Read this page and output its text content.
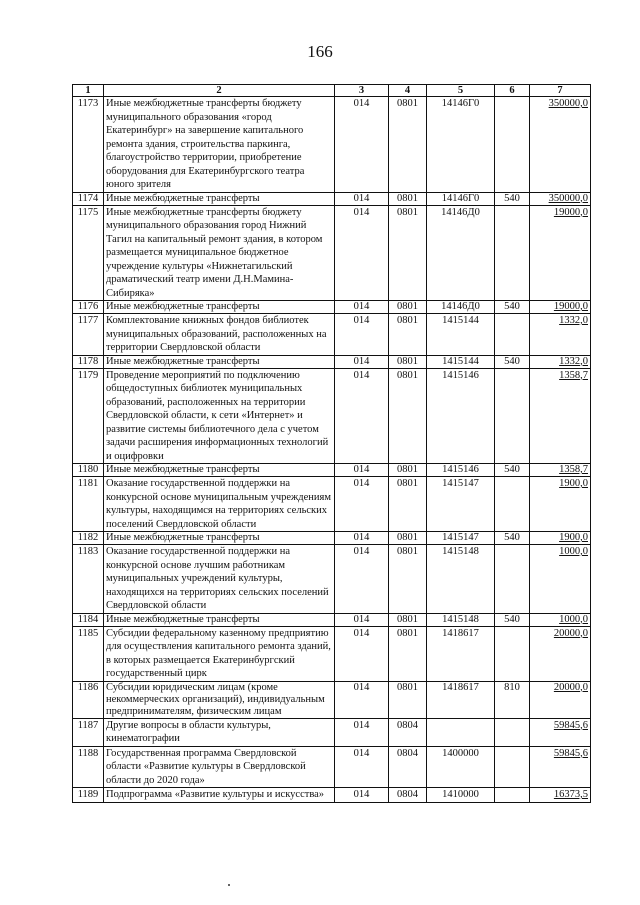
166
1	2	3	4	5	6	7
1173	Иные межбюджетные трансферты бюджету муниципального образования «город Екатеринбург» на завершение капитального ремонта здания, строительства паркинга, благоустройство территории, приобретение оборудования для Екатеринбургского театра юного зрителя	014	0801	14146Г0		350000,0
1174	Иные межбюджетные трансферты	014	0801	14146Г0	540	350000,0
1175	Иные межбюджетные трансферты бюджету муниципального образования город Нижний Тагил на капитальный ремонт здания, в котором размещается муниципальное бюджетное учреждение культуры «Нижнетагильский драматический театр имени Д.Н.Мамина-Сибиряка»	014	0801	14146Д0		19000,0
1176	Иные межбюджетные трансферты	014	0801	14146Д0	540	19000,0
1177	Комплектование книжных фондов библиотек муниципальных образований, расположенных на территории Свердловской области	014	0801	1415144		1332,0
1178	Иные межбюджетные трансферты	014	0801	1415144	540	1332,0
1179	Проведение мероприятий по подключению общедоступных библиотек муниципальных образований, расположенных на территории Свердловской области, к сети «Интернет» и развитие системы библиотечного дела с учетом задачи расширения информационных технологий и оцифровки	014	0801	1415146		1358,7
1180	Иные межбюджетные трансферты	014	0801	1415146	540	1358,7
1181	Оказание государственной поддержки на конкурсной основе муниципальным учреждениям культуры, находящимся на территориях сельских поселений Свердловской области	014	0801	1415147		1900,0
1182	Иные межбюджетные трансферты	014	0801	1415147	540	1900,0
1183	Оказание государственной поддержки на конкурсной основе лучшим работникам муниципальных учреждений культуры, находящихся на территориях сельских поселений Свердловской области	014	0801	1415148		1000,0
1184	Иные межбюджетные трансферты	014	0801	1415148	540	1000,0
1185	Субсидии федеральному казенному предприятию для осуществления капитального ремонта зданий, в которых размещается Екатеринбургский государственный цирк	014	0801	1418617		20000,0
1186	Субсидии юридическим лицам (кроме некоммерческих организаций), индивидуальным предпринимателям, физическим лицам	014	0801	1418617	810	20000,0
1187	Другие вопросы в области культуры, кинематографии	014	0804			59845,6
1188	Государственная программа Свердловской области «Развитие культуры в Свердловской области до 2020 года»	014	0804	1400000		59845,6
1189	Подпрограмма «Развитие культуры и искусства»	014	0804	1410000		16373,5
